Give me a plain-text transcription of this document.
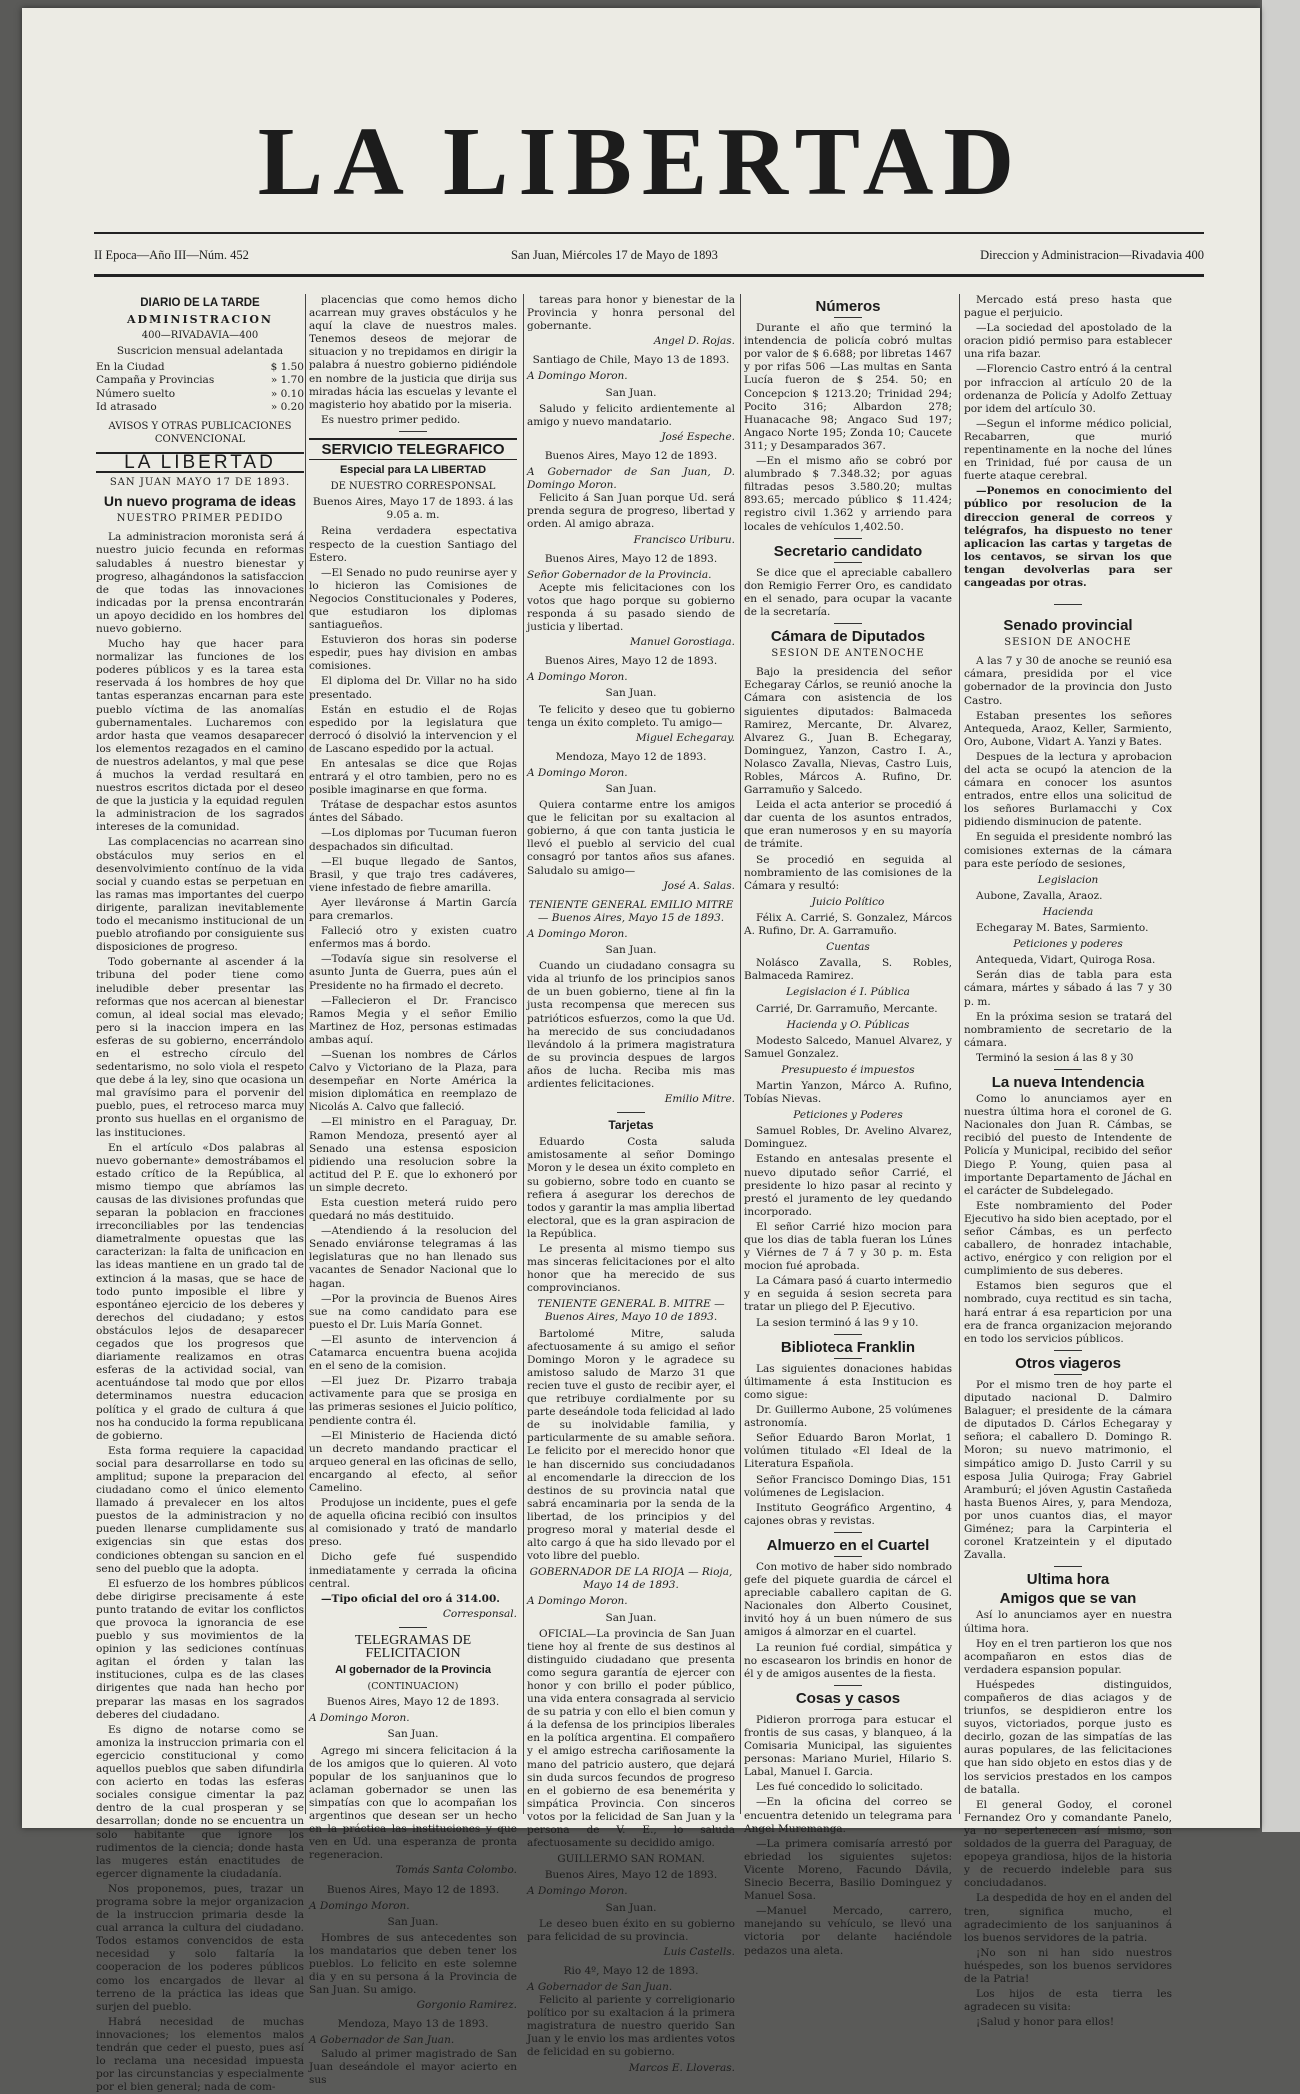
LA LIBERTAD
II Epoca—Año III—Núm. 452	San Juan, Miércoles 17 de Mayo de 1893	Direccion y Administracion—Rivadavia 400
DIARIO DE LA TARDE
ADMINISTRACION
400—RIVADAVIA—400
Suscricion mensual adelantada
En la Ciudad	$ 1.50
Campaña y Provincias	» 1.70
Número suelto	» 0.10
Id atrasado	» 0.20
AVISOS Y OTRAS PUBLICACIONES CONVENCIONAL
LA LIBERTAD
SAN JUAN MAYO 17 DE 1893.
Un nuevo programa de ideas
NUESTRO PRIMER PEDIDO

La administracion moronista será á nuestro juicio fecunda en reformas saludables á nuestro bienestar y progreso, alhagándonos la satisfaccion de que todas las innovaciones indicadas por la prensa encontrarán un apoyo decidido en los hombres del nuevo gobierno.

Mucho hay que hacer para normalizar las funciones de los poderes públicos y es la tarea esta reservada á los hombres de hoy que tantas esperanzas encarnan para este pueblo víctima de las anomalías gubernamentales. Lucharemos con ardor hasta que veamos desaparecer los elementos rezagados en el camino de nuestros adelantos, y mal que pese á muchos la verdad resultará en nuestros escritos dictada por el deseo de que la justicia y la equidad regulen la administracion de los sagrados intereses de la comunidad.

Las complacencias no acarrean sino obstáculos muy serios en el desenvolvimiento contínuo de la vida social y cuando estas se perpetuan en las ramas mas importantes del cuerpo dirigente, paralizan inevitablemente todo el mecanismo institucional de un pueblo atrofiando por consiguiente sus disposiciones de progreso.

Todo gobernante al ascender á la tribuna del poder tiene como ineludible deber presentar las reformas que nos acercan al bienestar comun, al ideal social mas elevado; pero si la inaccion impera en las esferas de su gobierno, encerrándolo en el estrecho círculo del sedentarismo, no solo viola el respeto que debe á la ley, sino que ocasiona un mal gravísimo para el porvenir del pueblo, pues, el retroceso marca muy pronto sus huellas en el organismo de las instituciones.

En el artículo «Dos palabras al nuevo gobernante» demostrábamos el estado crítico de la República, al mismo tiempo que abríamos las causas de las divisiones profundas que separan la poblacion en fracciones irreconciliables por las tendencias diametralmente opuestas que las caracterizan: la falta de unificacion en las ideas mantiene en un grado tal de extincion á la masas, que se hace de todo punto imposible el libre y espontáneo ejercicio de los deberes y derechos del ciudadano; y estos obstáculos lejos de desaparecer cegados que los progresos que diariamente realizamos en otras esferas de la actividad social, van acentuándose tal modo que por ellos determinamos nuestra educacion política y el grado de cultura á que nos ha conducido la forma republicana de gobierno.

Esta forma requiere la capacidad social para desarrollarse en todo su amplitud; supone la preparacion del ciudadano como el único elemento llamado á prevalecer en los altos puestos de la administracion y no pueden llenarse cumplidamente sus exigencias sin que estas dos condiciones obtengan su sancion en el seno del pueblo que la adopta.

El esfuerzo de los hombres públicos debe dirigirse precisamente á este punto tratando de evitar los conflictos que provoca la ignorancia de ese pueblo y sus movimientos de la opinion y las sediciones contínuas agitan el órden y talan las instituciones, culpa es de las clases dirigentes que nada han hecho por preparar las masas en los sagrados deberes del ciudadano.

Es digno de notarse como se amoniza la instruccion primaria con el egercicio constitucional y como aquellos pueblos que saben difundirla con acierto en todas las esferas sociales consigue cimentar la paz dentro de la cual prosperan y se desarrollan; donde no se encuentra un solo habitante que ignore los rudimentos de la ciencia; donde hasta las mugeres están enactitudes de egercer dignamente la ciudadanía.

Nos proponemos, pues, trazar un programa sobre la mejor organizacion de la instruccion primaria desde la cual arranca la cultura del ciudadano. Todos estamos convencidos de esta necesidad y solo faltaría la cooperacion de los poderes públicos como los encargados de llevar al terreno de la práctica las ideas que surjen del pueblo.

Habrá necesidad de muchas innovaciones; los elementos malos tendrán que ceder el puesto, pues así lo reclama una necesidad impuesta por las circunstancias y especialmente por el bien general; nada de com-

placencias que como hemos dicho acarrean muy graves obstáculos y he aquí la clave de nuestros males. Tenemos deseos de mejorar de situacion y no trepidamos en dirigir la palabra á nuestro gobierno pidiéndole en nombre de la justicia que dirija sus miradas hácia las escuelas y levante el magisterio hoy abatido por la miseria.

Es nuestro primer pedido.

SERVICIO TELEGRAFICO
Especial para LA LIBERTAD
DE NUESTRO CORRESPONSAL
Buenos Aires, Mayo 17 de 1893. á las 9.05 a. m.

Reina verdadera espectativa respecto de la cuestion Santiago del Estero.

—El Senado no pudo reunirse ayer y lo hicieron las Comisiones de Negocios Constitucionales y Poderes, que estudiaron los diplomas santiagueños.

Estuvieron dos horas sin poderse espedir, pues hay division en ambas comisiones.

El diploma del Dr. Villar no ha sido presentado.

Están en estudio el de Rojas espedido por la legislatura que derrocó ó disolvió la intervencion y el de Lascano espedido por la actual.

En antesalas se dice que Rojas entrará y el otro tambien, pero no es posible imaginarse en que forma.

Trátase de despachar estos asuntos ántes del Sábado.

—Los diplomas por Tucuman fueron despachados sin dificultad.

—El buque llegado de Santos, Brasil, y que trajo tres cadáveres, viene infestado de fiebre amarilla.

Ayer lleváronse á Martin García para cremarlos.

Falleció otro y existen cuatro enfermos mas á bordo.

—Todavía sigue sin resolverse el asunto Junta de Guerra, pues aún el Presidente no ha firmado el decreto.

—Fallecieron el Dr. Francisco Ramos Megia y el señor Emilio Martinez de Hoz, personas estimadas ambas aquí.

—Suenan los nombres de Cárlos Calvo y Victoriano de la Plaza, para desempeñar en Norte América la mision diplomática en reemplazo de Nicolás A. Calvo que falleció.

—El ministro en el Paraguay, Dr. Ramon Mendoza, presentó ayer al Senado una estensa esposicion pidiendo una resolucion sobre la actitud del P. E. que lo exhoneró por un simple decreto.

Esta cuestion meterá ruido pero quedará no más destituido.

—Atendiendo á la resolucion del Senado enviáronse telegramas á las legislaturas que no han llenado sus vacantes de Senador Nacional que lo hagan.

—Por la provincia de Buenos Aires sue na como candidato para ese puesto el Dr. Luis María Gonnet.

—El asunto de intervencion á Catamarca encuentra buena acojida en el seno de la comision.

—El juez Dr. Pizarro trabaja activamente para que se prosiga en las primeras sesiones el Juicio político, pendiente contra él.

—El Ministerio de Hacienda dictó un decreto mandando practicar el arqueo general en las oficinas de sello, encargando al efecto, al señor Camelino.

Produjose un incidente, pues el gefe de aquella oficina recibió con insultos al comisionado y trató de mandarlo preso.

Dicho gefe fué suspendido inmediatamente y cerrada la oficina central.

—Tipo oficial del oro á 314.00.

Corresponsal.
TELEGRAMAS DE FELICITACION
Al gobernador de la Provincia
(CONTINUACION)
Buenos Aires, Mayo 12 de 1893.
A Domingo Moron.
San Juan.

Agrego mi sincera felicitacion á la de los amigos que lo quieren. Al voto popular de los sanjuaninos que lo aclaman gobernador se unen las simpatías con que lo acompañan los argentinos que desean ser un hecho en la práctica las instituciones y que ven en Ud. una esperanza de pronta regeneracion.

Tomás Santa Colombo.
Buenos Aires, Mayo 12 de 1893.
A Domingo Moron.
San Juan.

Hombres de sus antecedentes son los mandatarios que deben tener los pueblos. Lo felicito en este solemne dia y en su persona á la Provincia de San Juan. Su amigo.

Gorgonio Ramirez.
Mendoza, Mayo 13 de 1893.
A Gobernador de San Juan.

Saludo al primer magistrado de San Juan deseándole el mayor acierto en sus

tareas para honor y bienestar de la Provincia y honra personal del gobernante.

Angel D. Rojas.
Santiago de Chile, Mayo 13 de 1893.
A Domingo Moron.
San Juan.

Saludo y felicito ardientemente al amigo y nuevo mandatario.

José Espeche.
Buenos Aires, Mayo 12 de 1893.
A Gobernador de San Juan, D. Domingo Moron.

Felicito á San Juan porque Ud. será prenda segura de progreso, libertad y orden. Al amigo abraza.

Francisco Uriburu.
Buenos Aires, Mayo 12 de 1893.
Señor Gobernador de la Provincia.

Acepte mis felicitaciones con los votos que hago porque su gobierno responda á su pasado siendo de justicia y libertad.

Manuel Gorostiaga.
Buenos Aires, Mayo 12 de 1893.
A Domingo Moron.
San Juan.

Te felicito y deseo que tu gobierno tenga un éxito completo. Tu amigo—

Miguel Echegaray.
Mendoza, Mayo 12 de 1893.
A Domingo Moron.
San Juan.

Quiera contarme entre los amigos que le felicitan por su exaltacion al gobierno, á que con tanta justicia le llevó el pueblo al servicio del cual consagró por tantos años sus afanes. Saludalo su amigo—

José A. Salas.
TENIENTE GENERAL EMILIO MITRE — Buenos Aires, Mayo 15 de 1893.
A Domingo Moron.
San Juan.

Cuando un ciudadano consagra su vida al triunfo de los principios sanos de un buen gobierno, tiene al fin la justa recompensa que merecen sus patrióticos esfuerzos, como la que Ud. ha merecido de sus conciudadanos llevándolo á la primera magistratura de su provincia despues de largos años de lucha. Reciba mis mas ardientes felicitaciones.

Emilio Mitre.
Tarjetas

Eduardo Costa saluda amistosamente al señor Domingo Moron y le desea un éxito completo en su gobierno, sobre todo en cuanto se refiera á asegurar los derechos de todos y garantir la mas amplia libertad electoral, que es la gran aspiracion de la República.

Le presenta al mismo tiempo sus mas sinceras felicitaciones por el alto honor que ha merecido de sus comprovincianos.

TENIENTE GENERAL B. MITRE — Buenos Aires, Mayo 10 de 1893.

Bartolomé Mitre, saluda afectuosamente á su amigo el señor Domingo Moron y le agradece su amistoso saludo de Marzo 31 que recien tuve el gusto de recibir ayer, el que retribuye cordialmente por su parte deseándole toda felicidad al lado de su inolvidable familia, y particularmente de su amable señora. Le felicito por el merecido honor que le han discernido sus conciudadanos al encomendarle la direccion de los destinos de su provincia natal que sabrá encaminaria por la senda de la libertad, de los principios y del progreso moral y material desde el alto cargo á que ha sido llevado por el voto libre del pueblo.

GOBERNADOR DE LA RIOJA — Rioja, Mayo 14 de 1893.
A Domingo Moron.
San Juan.

OFICIAL—La provincia de San Juan tiene hoy al frente de sus destinos al distinguido ciudadano que presenta como segura garantía de ejercer con honor y con brillo el poder público, una vida entera consagrada al servicio de su patria y con ello el bien comun y á la defensa de los principios liberales en la política argentina. El compañero y el amigo estrecha cariñosamente la mano del patricio austero, que dejará sin duda surcos fecundos de progreso en el gobierno de esa benemérita y simpática Provincia. Con sinceros votos por la felicidad de San Juan y la persona de V. E., lo saluda afectuosamente su decidido amigo.

GUILLERMO SAN ROMAN.
Buenos Aires, Mayo 12 de 1893.
A Domingo Moron.
San Juan.

Le deseo buen éxito en su gobierno para felicidad de su provincia.

Luis Castells.
Rio 4º, Mayo 12 de 1893.
A Gobernador de San Juan.

Felicito al pariente y correligionario político por su exaltacion á la primera magistratura de nuestro querido San Juan y le envio los mas ardientes votos de felicidad en su gobierno.

Marcos E. Lloveras.
Números

Durante el año que terminó la intendencia de policía cobró multas por valor de $ 6.688; por libretas 1467 y por rifas 506 —Las multas en Santa Lucía fueron de $ 254. 50; en Concepcion $ 1213.20; Trinidad 294; Pocito 316; Albardon 278; Huanacache 98; Angaco Sud 197; Angaco Norte 195; Zonda 10; Caucete 311; y Desamparados 367.

—En el mismo año se cobró por alumbrado $ 7.348.32; por aguas filtradas pesos 3.580.20; multas 893.65; mercado público $ 11.424; registro civil 1.362 y arriendo para locales de vehículos 1,402.50.

Secretario candidato

Se dice que el apreciable caballero don Remigio Ferrer Oro, es candidato en el senado, para ocupar la vacante de la secretaría.

Cámara de Diputados
SESION DE ANTENOCHE

Bajo la presidencia del señor Echegaray Cárlos, se reunió anoche la Cámara con asistencia de los siguientes diputados: Balmaceda Ramirez, Mercante, Dr. Alvarez, Alvarez G., Juan B. Echegaray, Dominguez, Yanzon, Castro I. A., Nolasco Zavalla, Nievas, Castro Luis, Robles, Márcos A. Rufino, Dr. Garramuño y Salcedo.

Leida el acta anterior se procedió á dar cuenta de los asuntos entrados, que eran numerosos y en su mayoría de trámite.

Se procedió en seguida al nombramiento de las comisiones de la Cámara y resultó:

Juicio Político

Félix A. Carrié, S. Gonzalez, Márcos A. Rufino, Dr. A. Garramuño.

Cuentas

Nolásco Zavalla, S. Robles, Balmaceda Ramirez.

Legislacion é I. Pública

Carrié, Dr. Garramuño, Mercante.

Hacienda y O. Públicas

Modesto Salcedo, Manuel Alvarez, y Samuel Gonzalez.

Presupuesto é impuestos

Martin Yanzon, Márco A. Rufino, Tobías Nievas.

Peticiones y Poderes

Samuel Robles, Dr. Avelino Alvarez, Dominguez.

Estando en antesalas presente el nuevo diputado señor Carrié, el presidente lo hizo pasar al recinto y prestó el juramento de ley quedando incorporado.

El señor Carrié hizo mocion para que los dias de tabla fueran los Lúnes y Viérnes de 7 á 7 y 30 p. m. Esta mocion fué aprobada.

La Cámara pasó á cuarto intermedio y en seguida á sesion secreta para tratar un pliego del P. Ejecutivo.

La sesion terminó á las 9 y 10.

Biblioteca Franklin

Las siguientes donaciones habidas últimamente á esta Institucion es como sigue:

Dr. Guillermo Aubone, 25 volúmenes astronomía.

Señor Eduardo Baron Morlat, 1 volúmen titulado «El Ideal de la Literatura Española.

Señor Francisco Domingo Dias, 151 volúmenes de Legislacion.

Instituto Geográfico Argentino, 4 cajones obras y revistas.

Almuerzo en el Cuartel

Con motivo de haber sido nombrado gefe del piquete guardia de cárcel el apreciable caballero capitan de G. Nacionales don Alberto Cousinet, invitó hoy á un buen número de sus amigos á almorzar en el cuartel.

La reunion fué cordial, simpática y no escasearon los brindis en honor de él y de amigos ausentes de la fiesta.

Cosas y casos

Pidieron prorroga para estucar el frontis de sus casas, y blanqueo, á la Comisaria Municipal, las siguientes personas: Mariano Muriel, Hilario S. Labal, Manuel I. Garcia.

Les fué concedido lo solicitado.

—En la oficina del correo se encuentra detenido un telegrama para Angel Muremanga.

—La primera comisaría arrestó por ebriedad los siguientes sujetos: Vicente Moreno, Facundo Dávila, Sinecio Becerra, Basilio Dominguez y Manuel Sosa.

—Manuel Mercado, carrero, manejando su vehículo, se llevó una victoria por delante haciéndole pedazos una aleta.

Mercado está preso hasta que pague el perjuicio.

—La sociedad del apostolado de la oracion pidió permiso para establecer una rifa bazar.

—Florencio Castro entró á la central por infraccion al artículo 20 de la ordenanza de Policía y Adolfo Zettuay por idem del artículo 30.

—Segun el informe médico policial, Recabarren, que murió repentinamente en la noche del lúnes en Trinidad, fué por causa de un fuerte ataque cerebral.

—Ponemos en conocimiento del público por resolucion de la direccion general de correos y telégrafos, ha dispuesto no tener aplicacion las cartas y targetas de los centavos, se sirvan los que tengan devolverlas para ser cangeadas por otras.

Senado provincial
SESION DE ANOCHE

A las 7 y 30 de anoche se reunió esa cámara, presidida por el vice gobernador de la provincia don Justo Castro.

Estaban presentes los señores Antequeda, Araoz, Keller, Sarmiento, Oro, Aubone, Vidart A. Yanzi y Bates.

Despues de la lectura y aprobacion del acta se ocupó la atencion de la cámara en conocer los asuntos entrados, entre ellos una solicitud de los señores Burlamacchi y Cox pidiendo disminucion de patente.

En seguida el presidente nombró las comisiones externas de la cámara para este período de sesiones,

Legislacion

Aubone, Zavalla, Araoz.

Hacienda

Echegaray M. Bates, Sarmiento.

Peticiones y poderes

Antequeda, Vidart, Quiroga Rosa.

Serán dias de tabla para esta cámara, mártes y sábado á las 7 y 30 p. m.

En la próxima sesion se tratará del nombramiento de secretario de la cámara.

Terminó la sesion á las 8 y 30

La nueva Intendencia

Como lo anunciamos ayer en nuestra última hora el coronel de G. Nacionales don Juan R. Cámbas, se recibió del puesto de Intendente de Policía y Municipal, recibido del señor Diego P. Young, quien pasa al importante Departamento de Jáchal en el carácter de Subdelegado.

Este nombramiento del Poder Ejecutivo ha sido bien aceptado, por el señor Cámbas, es un perfecto caballero, de honradez intachable, activo, enérgico y con religion por el cumplimiento de sus deberes.

Estamos bien seguros que el nombrado, cuya rectitud es sin tacha, hará entrar á esa reparticion por una era de franca organizacion mejorando en todo los servicios públicos.

Otros viageros

Por el mismo tren de hoy parte el diputado nacional D. Dalmiro Balaguer; el presidente de la cámara de diputados D. Cárlos Echegaray y señora; el caballero D. Domingo R. Moron; su nuevo matrimonio, el simpático amigo D. Justo Carril y su esposa Julia Quiroga; Fray Gabriel Aramburú; el jóven Agustin Castañeda hasta Buenos Aires, y, para Mendoza, por unos cuantos dias, el mayor Giménez; para la Carpinteria el coronel Kratzeintein y el diputado Zavalla.

Ultima hora
Amigos que se van

Así lo anunciamos ayer en nuestra última hora.

Hoy en el tren partieron los que nos acompañaron en estos dias de verdadera espansion popular.

Huéspedes distinguidos, compañeros de dias aciagos y de triunfos, se despidieron entre los suyos, victoriados, porque justo es decirlo, gozan de las simpatías de las auras populares, de las felicitaciones que han sido objeto en estos dias y de los servicios prestados en los campos de batalla.

El general Godoy, el coronel Fernandez Oro y comandante Panelo, ya no sepertenecen así mismo, son soldados de la guerra del Paraguay, de epopeya grandiosa, hijos de la historia y de recuerdo indeleble para sus conciudadanos.

La despedida de hoy en el anden del tren, significa mucho, el agradecimiento de los sanjuaninos á los buenos servidores de la patria.

¡No son ni han sido nuestros huéspedes, son los buenos servidores de la Patria!

Los hijos de esta tierra les agradecen su visita:

¡Salud y honor para ellos!
